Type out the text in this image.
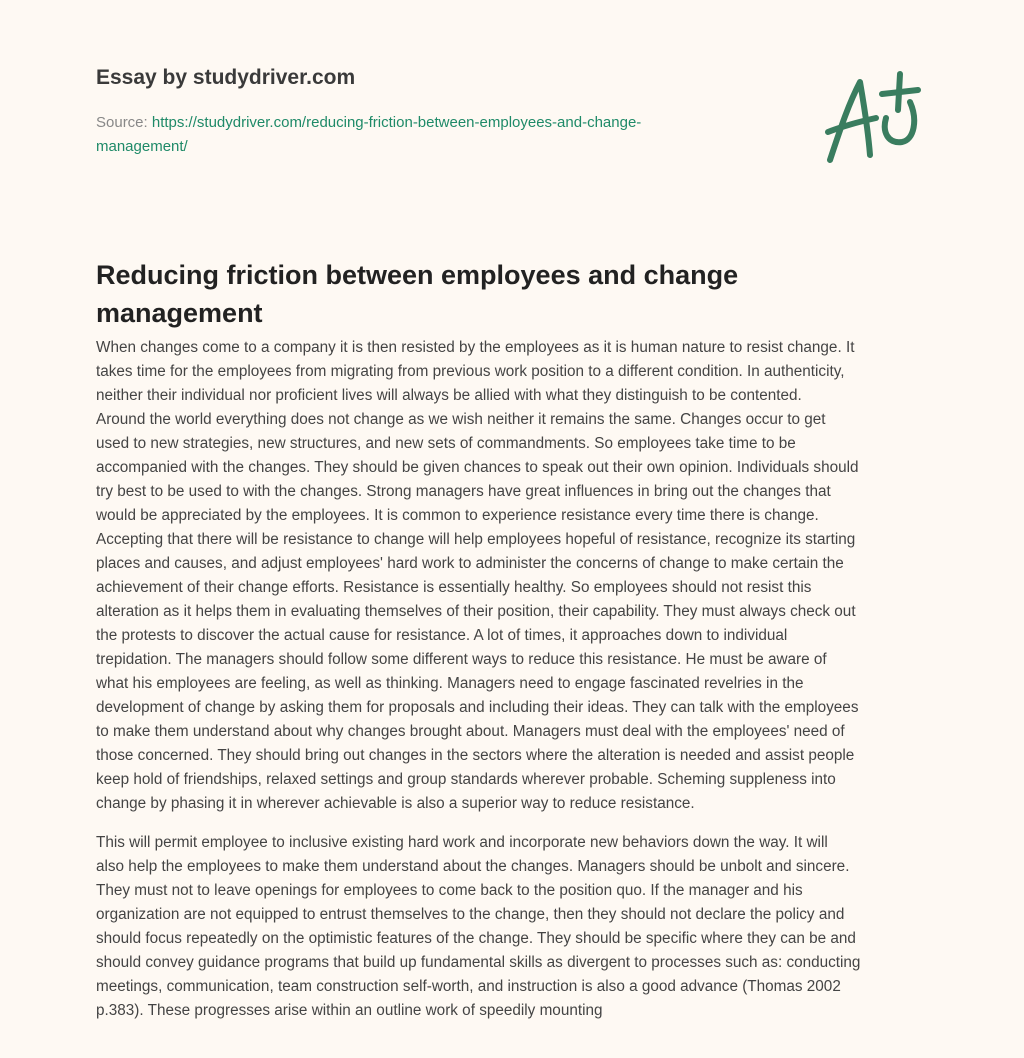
Essay by studydriver.com
Source: https://studydriver.com/reducing-friction-between-employees-and-change-
management/
Reducing friction between employees and change management

When changes come to a company it is then resisted by the employees as it is human nature to resist change. It
takes time for the employees from migrating from previous work position to a different condition. In authenticity,
neither their individual nor proficient lives will always be allied with what they distinguish to be contented.
Around the world everything does not change as we wish neither it remains the same. Changes occur to get
used to new strategies, new structures, and new sets of commandments. So employees take time to be
accompanied with the changes. They should be given chances to speak out their own opinion. Individuals should
try best to be used to with the changes. Strong managers have great influences in bring out the changes that
would be appreciated by the employees. It is common to experience resistance every time there is change.
Accepting that there will be resistance to change will help employees hopeful of resistance, recognize its starting
places and causes, and adjust employees' hard work to administer the concerns of change to make certain the
achievement of their change efforts. Resistance is essentially healthy. So employees should not resist this
alteration as it helps them in evaluating themselves of their position, their capability. They must always check out
the protests to discover the actual cause for resistance. A lot of times, it approaches down to individual
trepidation. The managers should follow some different ways to reduce this resistance. He must be aware of
what his employees are feeling, as well as thinking. Managers need to engage fascinated revelries in the
development of change by asking them for proposals and including their ideas. They can talk with the employees
to make them understand about why changes brought about. Managers must deal with the employees' need of
those concerned. They should bring out changes in the sectors where the alteration is needed and assist people
keep hold of friendships, relaxed settings and group standards wherever probable. Scheming suppleness into
change by phasing it in wherever achievable is also a superior way to reduce resistance.

This will permit employee to inclusive existing hard work and incorporate new behaviors down the way. It will
also help the employees to make them understand about the changes. Managers should be unbolt and sincere.
They must not to leave openings for employees to come back to the position quo. If the manager and his
organization are not equipped to entrust themselves to the change, then they should not declare the policy and
should focus repeatedly on the optimistic features of the change. They should be specific where they can be and
should convey guidance programs that build up fundamental skills as divergent to processes such as: conducting
meetings, communication, team construction self-worth, and instruction is also a good advance (Thomas 2002
p.383). These progresses arise within an outline work of speedily mounting
